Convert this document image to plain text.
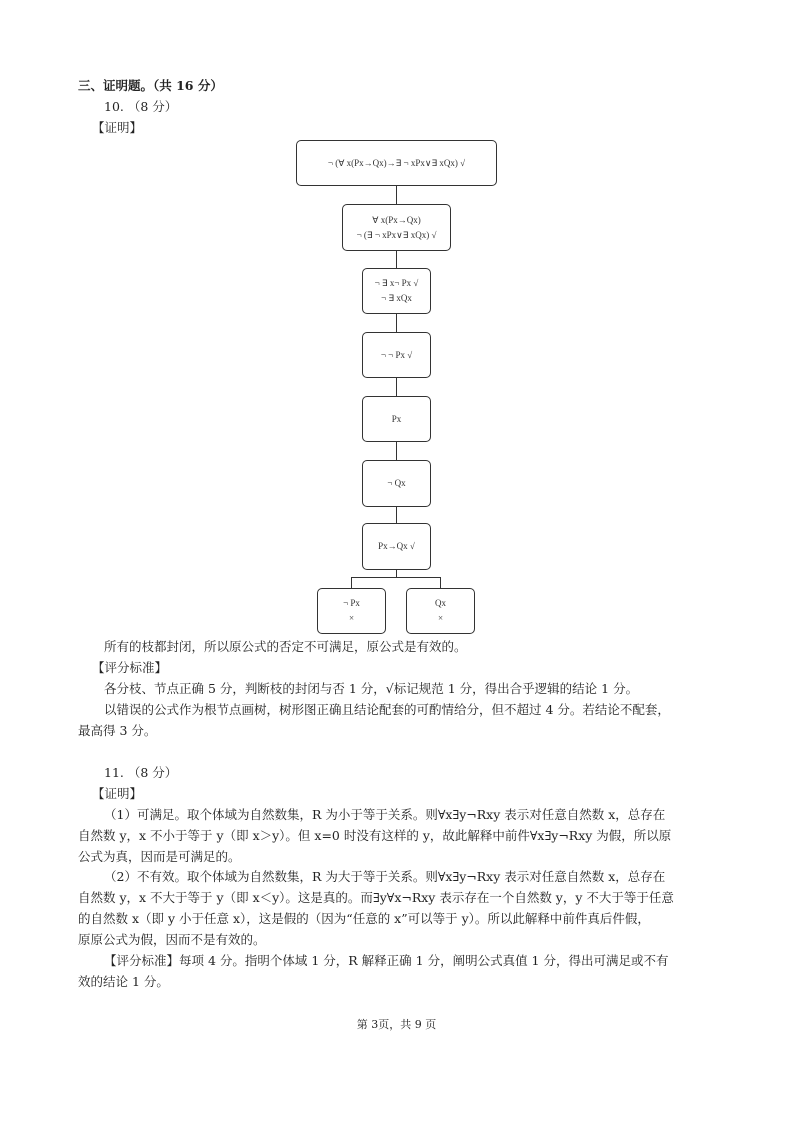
三、证明题。（共 16 分）
10. （8 分）
【证明】
¬ (∀ x(Px→Qx)→∃ ¬ xPx∨∃ xQx) √
∀ x(Px→Qx)
¬ (∃ ¬ xPx∨∃ xQx) √
¬ ∃ x¬ Px √
¬ ∃ xQx
¬ ¬ Px √
Px
¬ Qx
Px→Qx √
¬ Px
×
Qx
×
所有的枝都封闭，所以原公式的否定不可满足，原公式是有效的。
【评分标准】
各分枝、节点正确 5 分，判断枝的封闭与否 1 分，√标记规范 1 分，得出合乎逻辑的结论 1 分。
以错误的公式作为根节点画树，树形图正确且结论配套的可酌情给分，但不超过 4 分。若结论不配套，
最高得 3 分。
11. （8 分）
【证明】
（1）可满足。取个体域为自然数集，R 为小于等于关系。则∀x∃y¬Rxy 表示对任意自然数 x，总存在
自然数 y，x 不小于等于 y（即 x＞y）。但 x=0 时没有这样的 y，故此解释中前件∀x∃y¬Rxy 为假，所以原
公式为真，因而是可满足的。
（2）不有效。取个体域为自然数集，R 为大于等于关系。则∀x∃y¬Rxy 表示对任意自然数 x，总存在
自然数 y，x 不大于等于 y（即 x＜y）。这是真的。而∃y∀x¬Rxy 表示存在一个自然数 y，y 不大于等于任意
的自然数 x（即 y 小于任意 x），这是假的（因为“任意的 x”可以等于 y）。所以此解释中前件真后件假，
原原公式为假，因而不是有效的。
【评分标准】每项 4 分。指明个体域 1 分，R 解释正确 1 分，阐明公式真值 1 分，得出可满足或不有
效的结论 1 分。
第 3页，共 9 页
